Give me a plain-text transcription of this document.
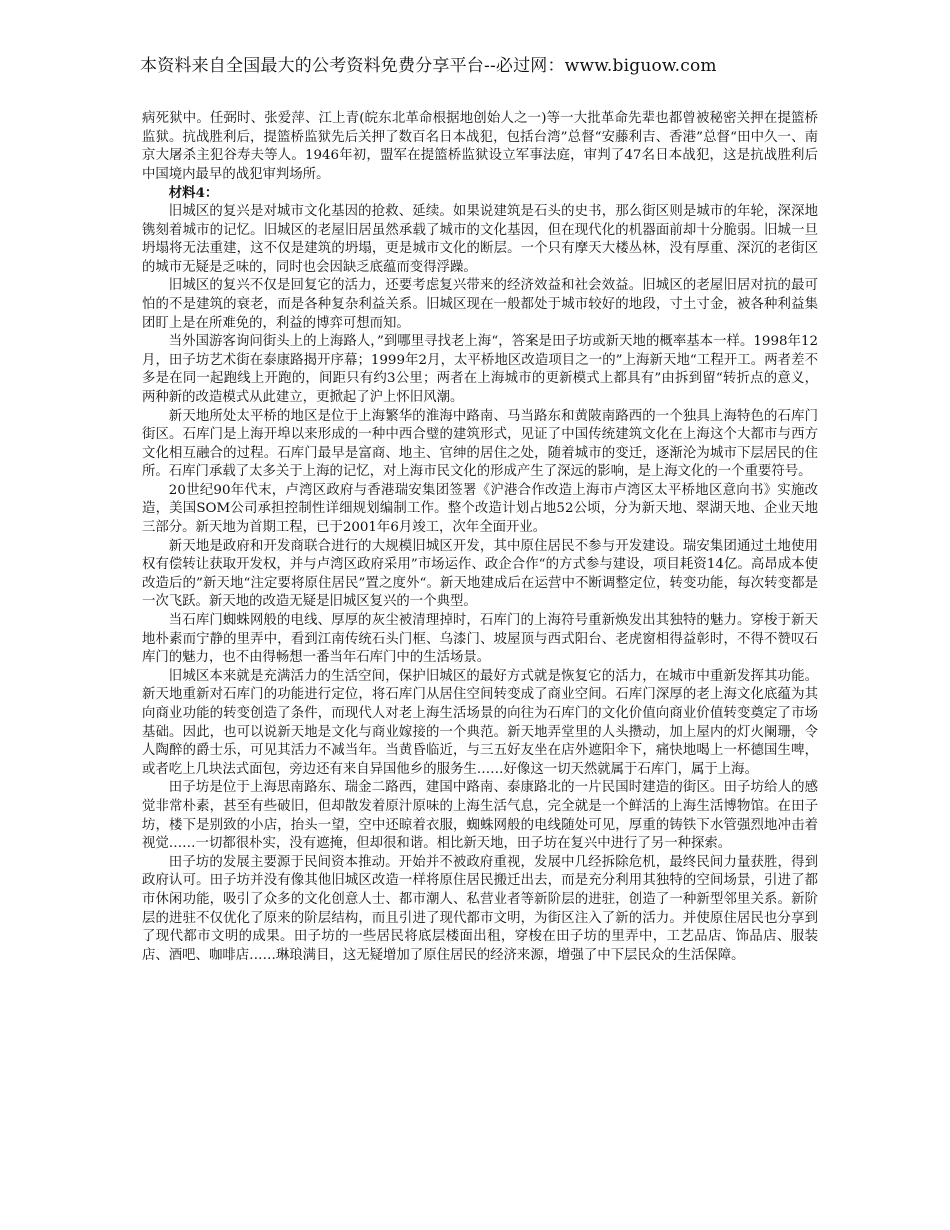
本资料来自全国最大的公考资料免费分享平台--必过网：www.biguow.com

病死狱中。任弼时、张爱萍、江上青(皖东北革命根据地创始人之一)等一大批革命先辈也都曾被秘密关押在提篮桥监狱。抗战胜利后，提篮桥监狱先后关押了数百名日本战犯，包括台湾”总督“安藤利吉、香港”总督“田中久一、南京大屠杀主犯谷寿夫等人。1946年初，盟军在提篮桥监狱设立军事法庭，审判了47名日本战犯，这是抗战胜利后中国境内最早的战犯审判场所。

材料4：

旧城区的复兴是对城市文化基因的抢救、延续。如果说建筑是石头的史书，那么街区则是城市的年轮，深深地镌刻着城市的记忆。旧城区的老屋旧居虽然承载了城市的文化基因，但在现代化的机器面前却十分脆弱。旧城一旦坍塌将无法重建，这不仅是建筑的坍塌，更是城市文化的断层。一个只有摩天大楼丛林，没有厚重、深沉的老街区的城市无疑是乏味的，同时也会因缺乏底蕴而变得浮躁。

旧城区的复兴不仅是回复它的活力，还要考虑复兴带来的经济效益和社会效益。旧城区的老屋旧居对抗的最可怕的不是建筑的衰老，而是各种复杂利益关系。旧城区现在一般都处于城市较好的地段，寸土寸金，被各种利益集团盯上是在所难免的，利益的博弈可想而知。

当外国游客询问街头上的上海路人，”到哪里寻找老上海“，答案是田子坊或新天地的概率基本一样。1998年12月，田子坊艺术街在泰康路揭开序幕；1999年2月，太平桥地区改造项目之一的”上海新天地“工程开工。两者差不多是在同一起跑线上开跑的，间距只有约3公里；两者在上海城市的更新模式上都具有”由拆到留“转折点的意义，两种新的改造模式从此建立，更掀起了沪上怀旧风潮。

新天地所处太平桥的地区是位于上海繁华的淮海中路南、马当路东和黄陂南路西的一个独具上海特色的石库门街区。石库门是上海开埠以来形成的一种中西合璧的建筑形式，见证了中国传统建筑文化在上海这个大都市与西方文化相互融合的过程。石库门最早是富商、地主、官绅的居住之处，随着城市的变迁，逐渐沦为城市下层居民的住所。石库门承载了太多关于上海的记忆，对上海市民文化的形成产生了深远的影响，是上海文化的一个重要符号。

20世纪90年代末，卢湾区政府与香港瑞安集团签署《沪港合作改造上海市卢湾区太平桥地区意向书》实施改造，美国SOM公司承担控制性详细规划编制工作。整个改造计划占地52公顷，分为新天地、翠湖天地、企业天地三部分。新天地为首期工程，已于2001年6月竣工，次年全面开业。

新天地是政府和开发商联合进行的大规模旧城区开发，其中原住居民不参与开发建设。瑞安集团通过土地使用权有偿转让获取开发权，并与卢湾区政府采用”市场运作、政企合作“的方式参与建设，项目耗资14亿。高昂成本使改造后的”新天地“注定要将原住居民”置之度外“。新天地建成后在运营中不断调整定位，转变功能，每次转变都是一次飞跃。新天地的改造无疑是旧城区复兴的一个典型。

当石库门蜘蛛网般的电线、厚厚的灰尘被清理掉时，石库门的上海符号重新焕发出其独特的魅力。穿梭于新天地朴素而宁静的里弄中，看到江南传统石头门框、乌漆门、坡屋顶与西式阳台、老虎窗相得益彰时，不得不赞叹石库门的魅力，也不由得畅想一番当年石库门中的生活场景。

旧城区本来就是充满活力的生活空间，保护旧城区的最好方式就是恢复它的活力，在城市中重新发挥其功能。新天地重新对石库门的功能进行定位，将石库门从居住空间转变成了商业空间。石库门深厚的老上海文化底蕴为其向商业功能的转变创造了条件，而现代人对老上海生活场景的向往为石库门的文化价值向商业价值转变奠定了市场基础。因此，也可以说新天地是文化与商业嫁接的一个典范。新天地弄堂里的人头攒动，加上屋内的灯火阑珊，令人陶醉的爵士乐，可见其活力不减当年。当黄昏临近，与三五好友坐在店外遮阳伞下，痛快地喝上一杯德国生啤，或者吃上几块法式面包，旁边还有来自异国他乡的服务生……好像这一切天然就属于石库门，属于上海。

田子坊是位于上海思南路东、瑞金二路西，建国中路南、泰康路北的一片民国时建造的街区。田子坊给人的感觉非常朴素，甚至有些破旧，但却散发着原汁原味的上海生活气息，完全就是一个鲜活的上海生活博物馆。在田子坊，楼下是别致的小店，抬头一望，空中还晾着衣服，蜘蛛网般的电线随处可见，厚重的铸铁下水管强烈地冲击着视觉……一切都很朴实，没有遮掩，但却很和谐。相比新天地，田子坊在复兴中进行了另一种探索。

田子坊的发展主要源于民间资本推动。开始并不被政府重视，发展中几经拆除危机，最终民间力量获胜，得到政府认可。田子坊并没有像其他旧城区改造一样将原住居民搬迁出去，而是充分利用其独特的空间场景，引进了都市休闲功能，吸引了众多的文化创意人士、都市潮人、私营业者等新阶层的进驻，创造了一种新型邻里关系。新阶层的进驻不仅优化了原来的阶层结构，而且引进了现代都市文明，为街区注入了新的活力。并使原住居民也分享到了现代都市文明的成果。田子坊的一些居民将底层楼面出租，穿梭在田子坊的里弄中，工艺品店、饰品店、服装店、酒吧、咖啡店……琳琅满目，这无疑增加了原住居民的经济来源，增强了中下层民众的生活保障。
